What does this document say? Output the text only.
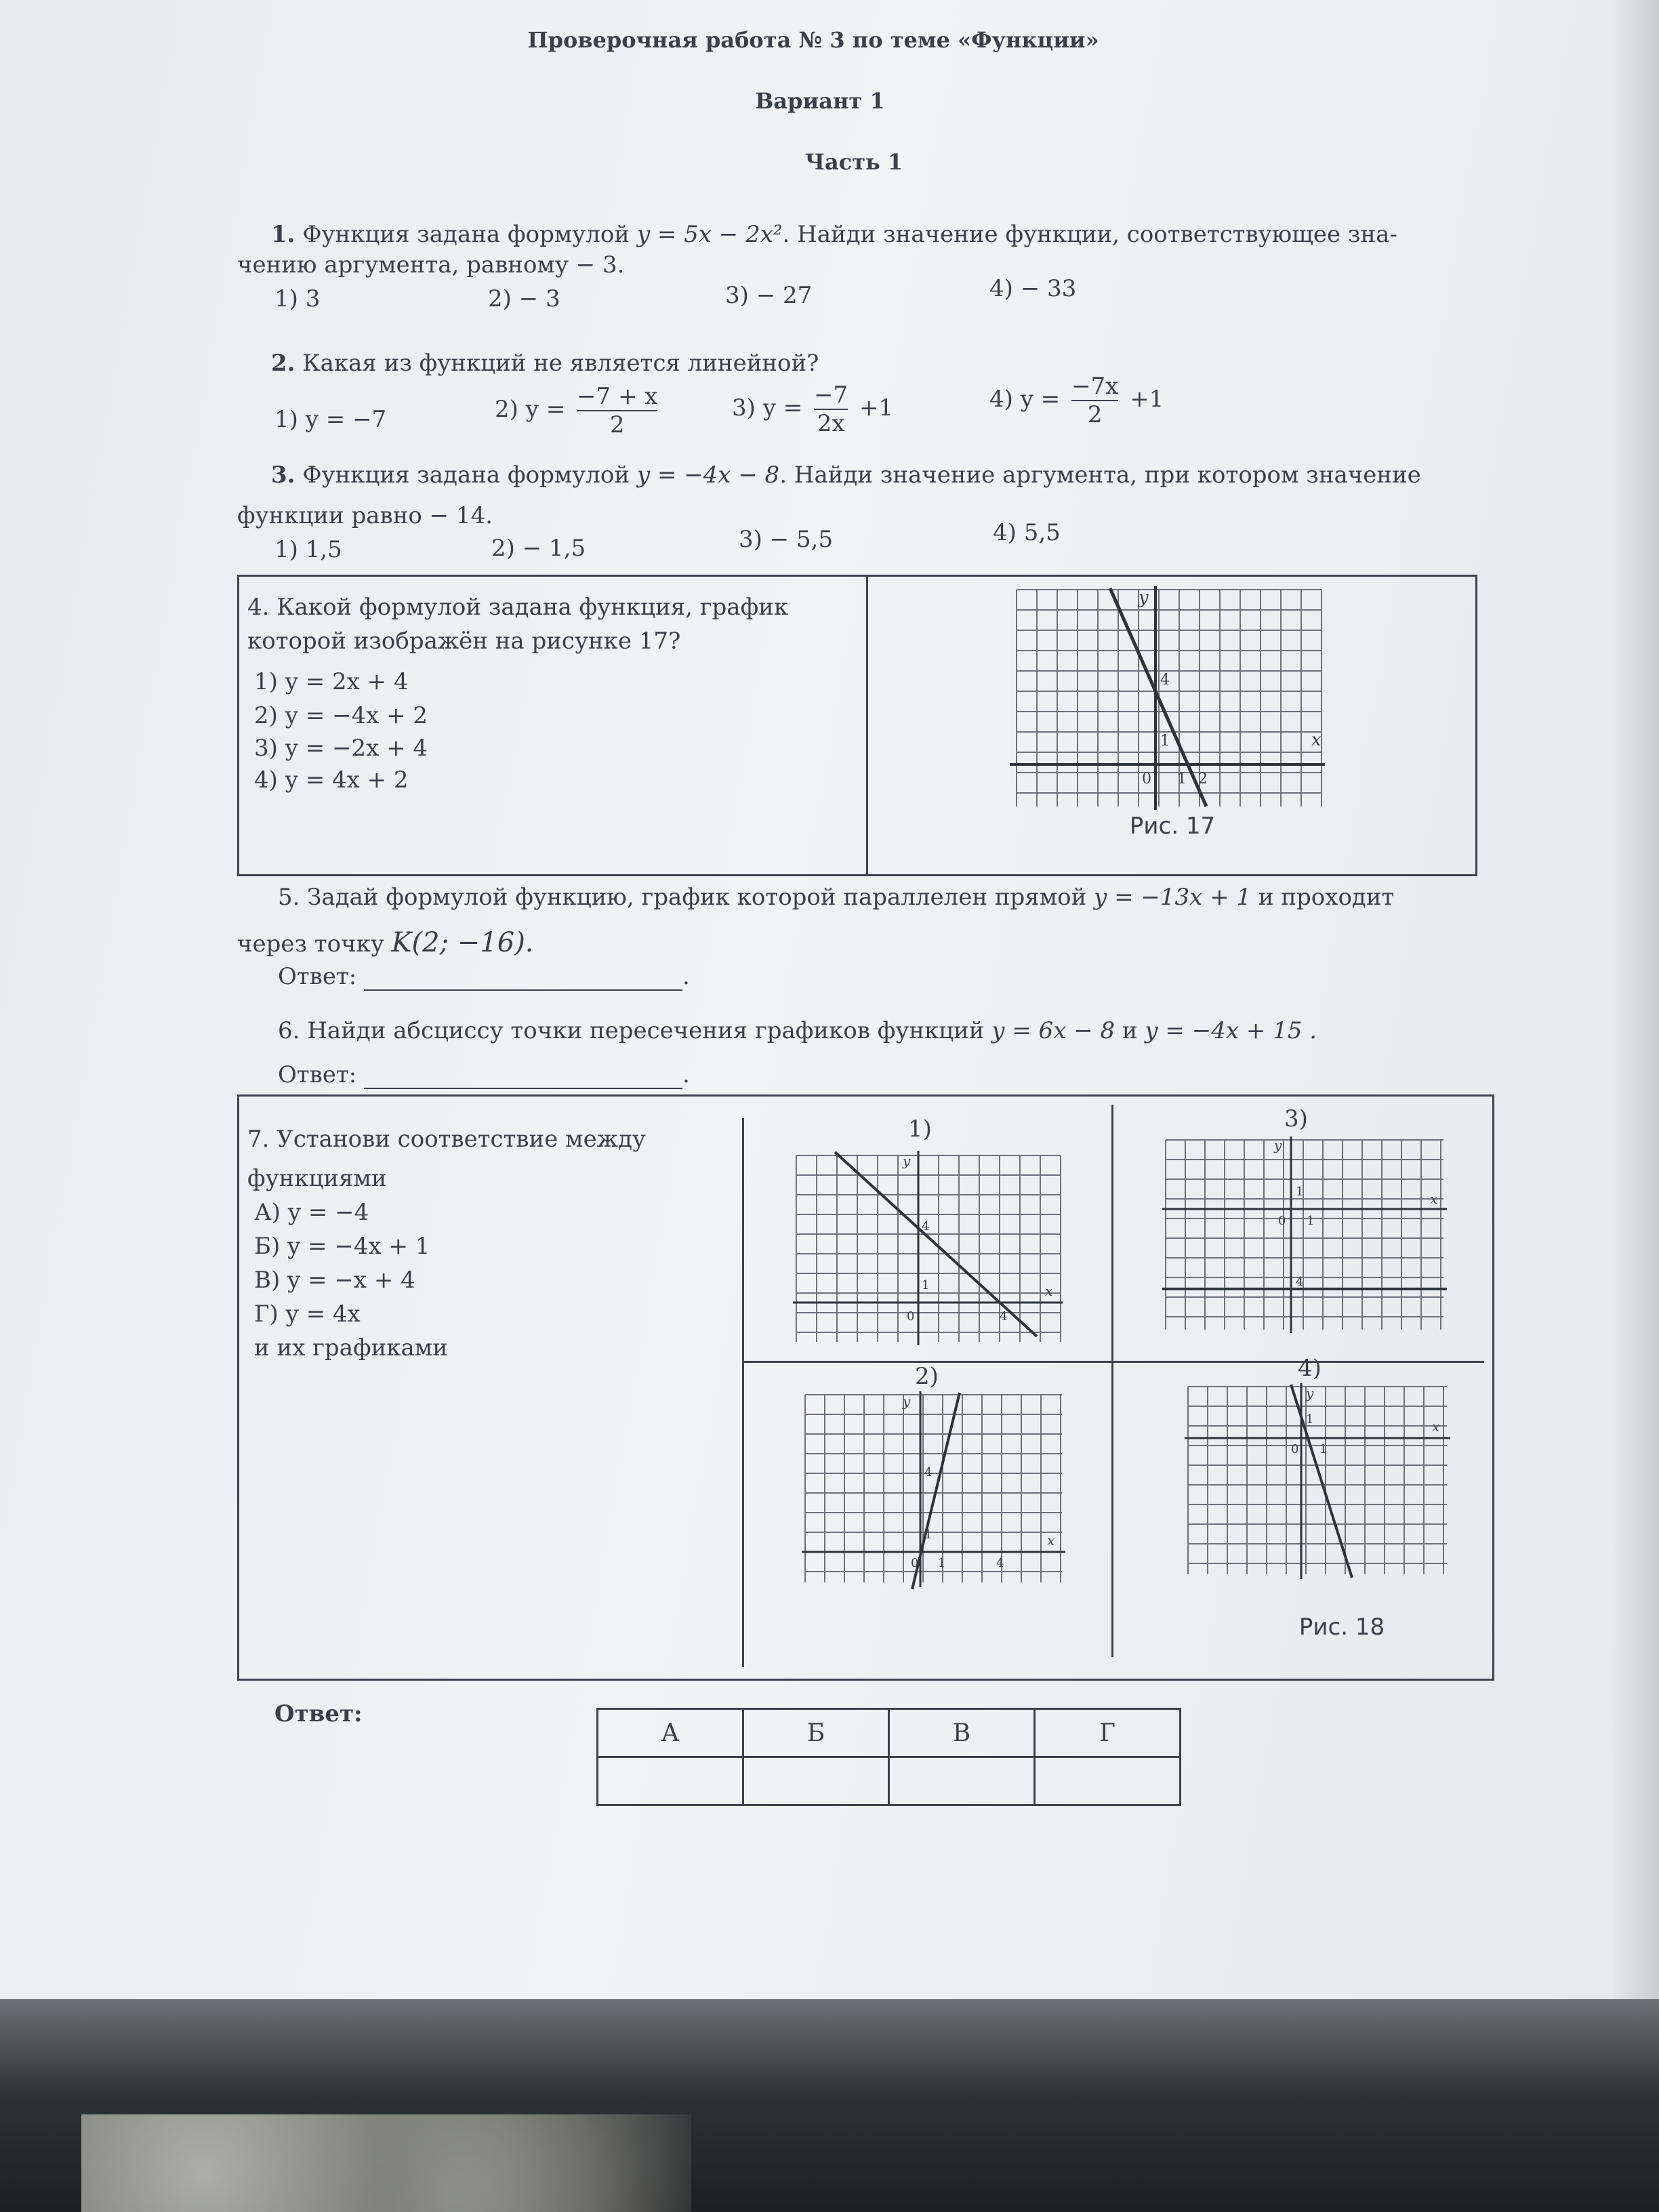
Проверочная работа № 3 по теме «Функции»
Вариант 1
Часть 1
1. Функция задана формулой y = 5x − 2x². Найди значение функции, соответствующее зна-
чению аргумента, равному − 3.
1) 3	2) − 3	3) − 27	4) − 33
2. Какая из функций не является линейной?
1) y = −7	2) $y = \frac{-7 + x}{2}$	3) $y = \frac{-7}{2x} +1$	4) $y = \frac{-7x}{2} +1$
3. Функция задана формулой y = −4x − 8. Найди значение аргумента, при котором значение
функции равно − 14.
1) 1,5	2) − 1,5	3) − 5,5	4) 5,5
4. Какой формулой задана функция, график
которой изображён на рисунке 17?
1) y = 2x + 4
2) y = −4x + 2
3) y = −2x + 4
4) y = 4x + 2
x
y
0 1 2
1
4
Рис. 17
5. Задай формулой функцию, график которой параллелен прямой y = −13x + 1 и проходит
через точку K(2; −16).
Ответ:	.
6. Найди абсциссу точки пересечения графиков функций y = 6x − 8 и y = −4x + 15 .
Ответ:	.
7. Установи соответствие между
функциями
А) y = −4
Б) y = −4x + 1
В) y = −x + 4
Г) y = 4x
и их графиками
1)
2)
3)
4)
x
y
0
1
4
4
x
y
0
1
1
4
x
y
0 1	4
1
4
x
y
0
1
1
Рис. 18
Ответ:
А	Б	В	Г
